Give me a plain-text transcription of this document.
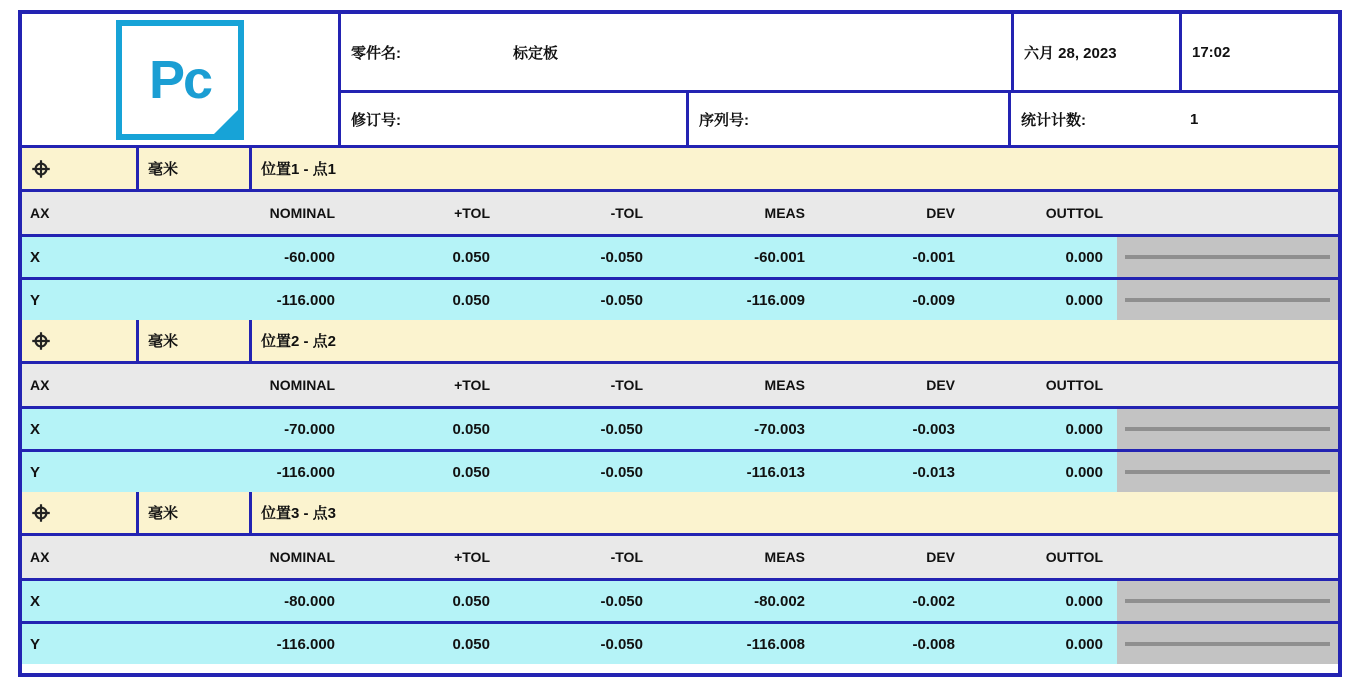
Pc	零件名:	标定板	六月 28, 2023	17:02
修订号:	序列号:	统计计数:	1
毫米	位置1 - 点1
AX	NOMINAL	+TOL	-TOL	MEAS	DEV	OUTTOL
X	-60.000	0.050	-0.050	-60.001	-0.001	0.000
Y	-116.000	0.050	-0.050	-116.009	-0.009	0.000
毫米	位置2 - 点2
AX	NOMINAL	+TOL	-TOL	MEAS	DEV	OUTTOL
X	-70.000	0.050	-0.050	-70.003	-0.003	0.000
Y	-116.000	0.050	-0.050	-116.013	-0.013	0.000
毫米	位置3 - 点3
AX	NOMINAL	+TOL	-TOL	MEAS	DEV	OUTTOL
X	-80.000	0.050	-0.050	-80.002	-0.002	0.000
Y	-116.000	0.050	-0.050	-116.008	-0.008	0.000
